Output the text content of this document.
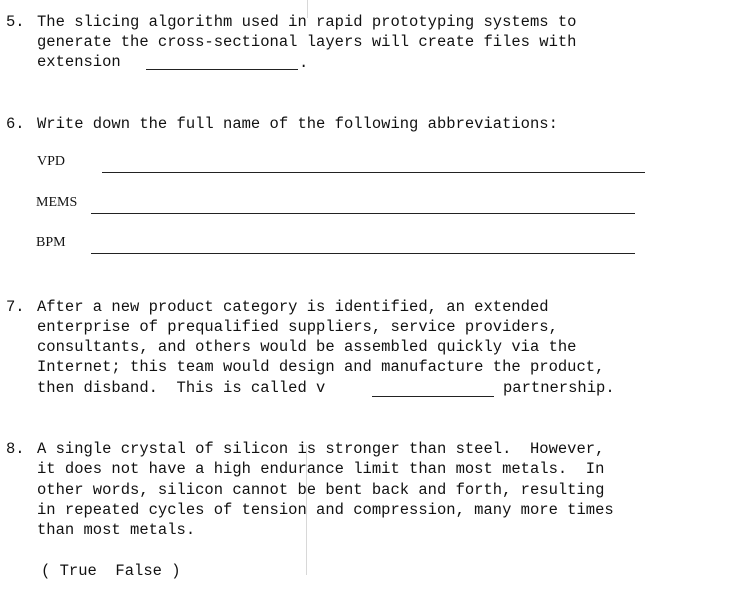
5. The slicing algorithm used in rapid prototyping systems to
generate the cross-sectional layers will create files with
extension	.
6. Write down the full name of the following abbreviations:
VPD
MEMS
BPM
7. After a new product category is identified, an extended
enterprise of prequalified suppliers, service providers,
consultants, and others would be assembled quickly via the
Internet; this team would design and manufacture the product,
then disband.  This is called v	partnership.
8. A single crystal of silicon is stronger than steel.  However,
it does not have a high endurance limit than most metals.  In
other words, silicon cannot be bent back and forth, resulting
in repeated cycles of tension and compression, many more times
than most metals.
( True  False )
